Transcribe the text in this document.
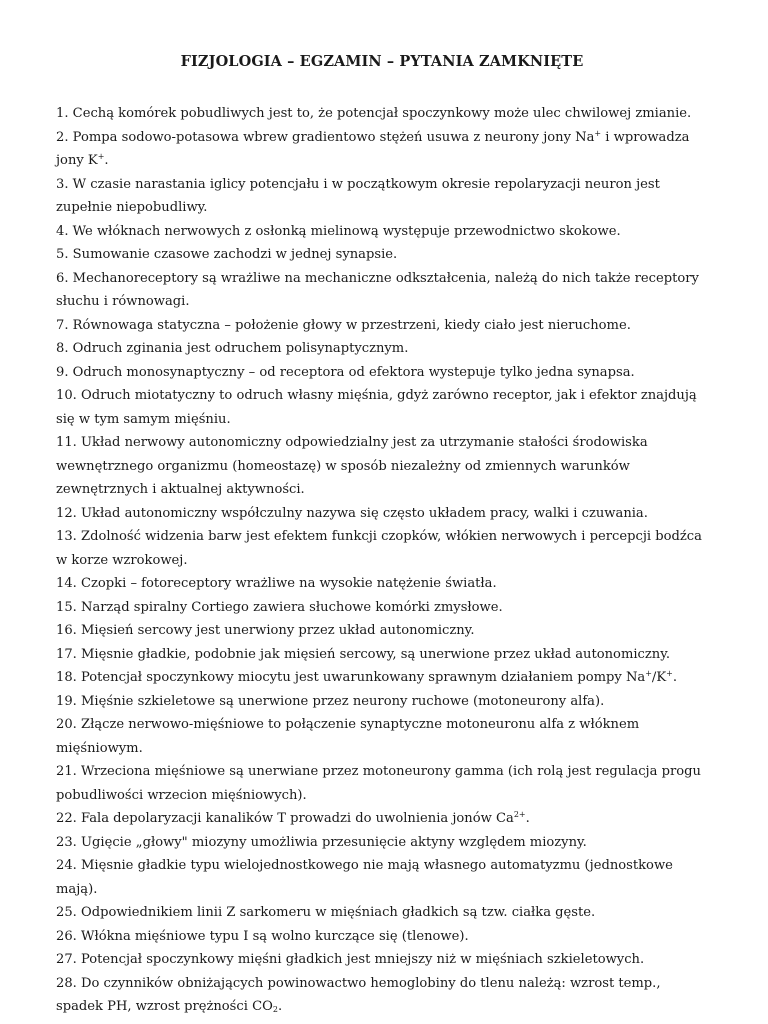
FIZJOLOGIA – EGZAMIN – PYTANIA ZAMKNIĘTE

1. Cechą komórek pobudliwych jest to, że potencjał spoczynkowy może ulec chwilowej zmianie.

2. Pompa sodowo-potasowa wbrew gradientowo stężeń usuwa z neurony jony Na+ i wprowadza jony K+.

3. W czasie narastania iglicy potencjału i w początkowym okresie repolaryzacji neuron jest zupełnie niepobudliwy.

4. We włóknach nerwowych z osłonką mielinową występuje przewodnictwo skokowe.

5. Sumowanie czasowe zachodzi w jednej synapsie.

6. Mechanoreceptory są wrażliwe na mechaniczne odkształcenia, należą do nich także receptory słuchu i równowagi.

7. Równowaga statyczna – położenie głowy w przestrzeni, kiedy ciało jest nieruchome.

8. Odruch zginania jest odruchem polisynaptycznym.

9. Odruch monosynaptyczny – od receptora od efektora wystepuje tylko jedna synapsa.

10. Odruch miotatyczny to odruch własny mięśnia, gdyż zarówno receptor, jak i efektor znajdują się w tym samym mięśniu.

11. Układ nerwowy autonomiczny odpowiedzialny jest za utrzymanie stałości środowiska wewnętrznego organizmu (homeostazę) w sposób niezależny od zmiennych warunków zewnętrznych i aktualnej aktywności.

12. Układ autonomiczny współczulny nazywa się często układem pracy, walki i czuwania.

13. Zdolność widzenia barw jest efektem funkcji czopków, włókien nerwowych i percepcji bodźca w korze wzrokowej.

14. Czopki – fotoreceptory wrażliwe na wysokie natężenie światła.

15. Narząd spiralny Cortiego zawiera słuchowe komórki zmysłowe.

16. Mięsień sercowy jest unerwiony przez układ autonomiczny.

17. Mięsnie gładkie, podobnie jak mięsień sercowy, są unerwione przez układ autonomiczny.

18. Potencjał spoczynkowy miocytu jest uwarunkowany sprawnym działaniem pompy Na+/K+.

19. Mięśnie szkieletowe są unerwione przez neurony ruchowe (motoneurony alfa).

20. Złącze nerwowo-mięśniowe to połączenie synaptyczne motoneuronu alfa z włóknem mięśniowym.

21. Wrzeciona mięśniowe są unerwiane przez motoneurony gamma (ich rolą jest regulacja progu pobudliwości wrzecion mięśniowych).

22. Fala depolaryzacji kanalików T prowadzi do uwolnienia jonów $Ca^{2+}$.

23. Ugięcie „głowy" miozyny umożliwia przesunięcie aktyny względem miozyny.

24. Mięsnie gładkie typu wielojednostkowego nie mają własnego automatyzmu (jednostkowe mają).

25. Odpowiednikiem linii Z sarkomeru w mięśniach gładkich są tzw. ciałka gęste.

26. Włókna mięśniowe typu I są wolno kurczące się (tlenowe).

27. Potencjał spoczynkowy mięśni gładkich jest mniejszy niż w mięśniach szkieletowych.

28. Do czynników obniżających powinowactwo hemoglobiny do tlenu należą: wzrost temp., spadek PH, wzrost prężności $CO_2$.
